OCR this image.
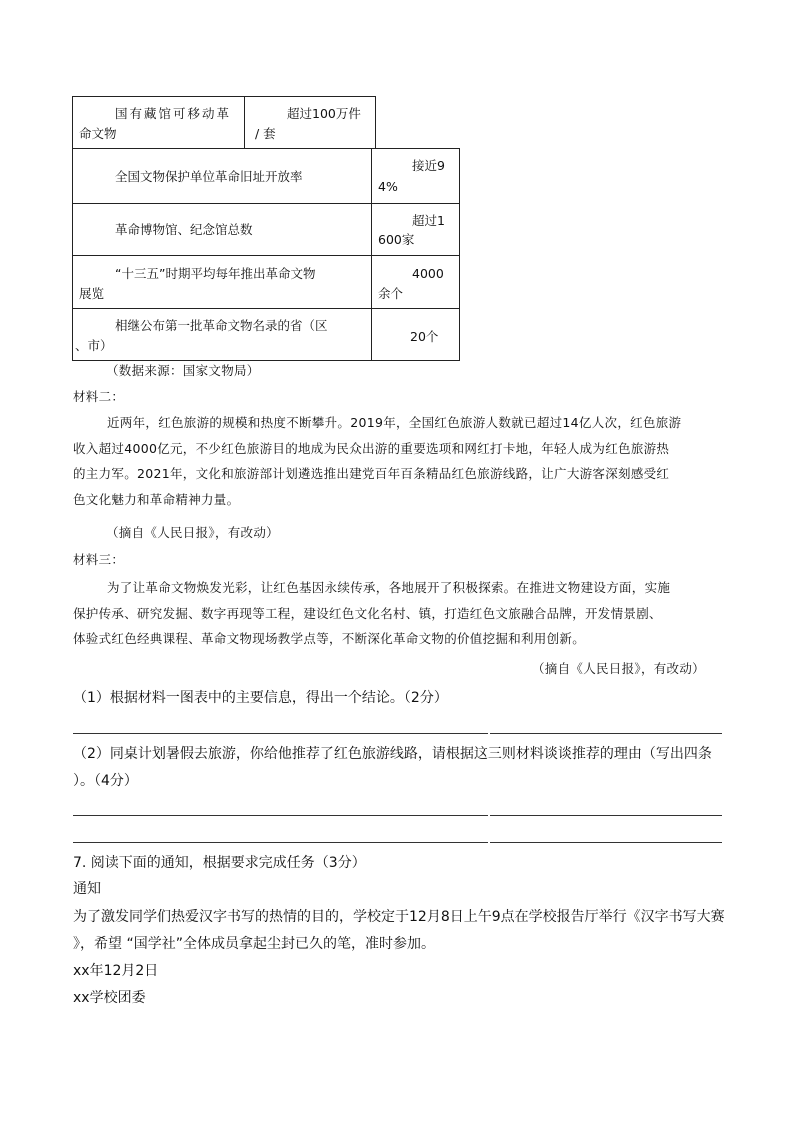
国有藏馆可移动革
命文物
超过100万件
/ 套
全国文物保护单位革命旧址开放率
接近9
4%
革命博物馆、纪念馆总数
超过1
600家
“十三五”时期平均每年推出革命文物
展览
4000
余个
相继公布第一批革命文物名录的省（区
、市）
20个
（数据来源：国家文物局）
材料二：
近两年，红色旅游的规模和热度不断攀升。2019年，全国红色旅游人数就已超过14亿人次，红色旅游
收入超过4000亿元，不少红色旅游目的地成为民众出游的重要选项和网红打卡地，年轻人成为红色旅游热
的主力军。2021年，文化和旅游部计划遴选推出建党百年百条精品红色旅游线路，让广大游客深刻感受红
色文化魅力和革命精神力量。
（摘自《人民日报》，有改动）
材料三：
为了让革命文物焕发光彩，让红色基因永续传承，各地展开了积极探索。在推进文物建设方面，实施
保护传承、研究发掘、数字再现等工程，建设红色文化名村、镇，打造红色文旅融合品牌，开发情景剧、
体验式红色经典课程、革命文物现场教学点等，不断深化革命文物的价值挖掘和利用创新。
（摘自《人民日报》，有改动）
（1）根据材料一图表中的主要信息，得出一个结论。（2分）
（2）同桌计划暑假去旅游，你给他推荐了红色旅游线路，请根据这三则材料谈谈推荐的理由（写出四条
）。（4分）
7. 阅读下面的通知，根据要求完成任务（3分）
通知
为了激发同学们热爱汉字书写的热情的目的，学校定于12月8日上午9点在学校报告厅举行《汉字书写大赛
》，希望 “国学社”全体成员拿起尘封已久的笔，准时参加。
xx年12月2日
xx学校团委
